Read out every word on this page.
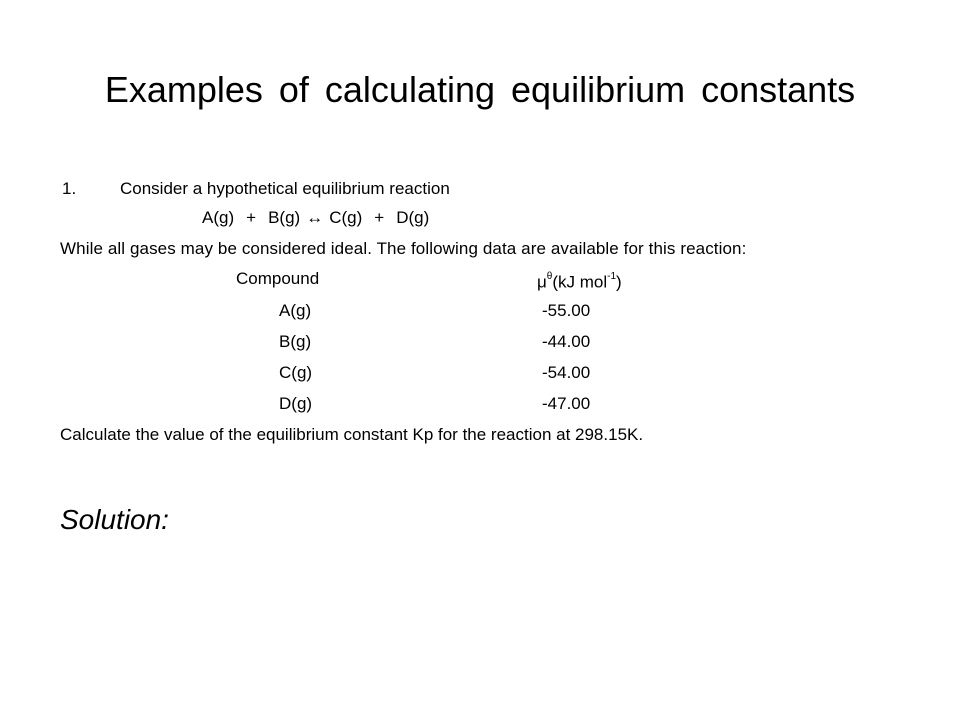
Examples of calculating equilibrium constants
1.	Consider a hypothetical equilibrium reaction
A(g) + B(g) ↔ C(g) + D(g)
While all gases may be considered ideal. The following data are available for this reaction:
Compound	$\mu^\theta(kJ$ mol$^{-1}$)
A(g)	-55.00
B(g)	-44.00
C(g)	-54.00
D(g)	-47.00
Calculate the value of the equilibrium constant Kp for the reaction at 298.15K.
Solution:
